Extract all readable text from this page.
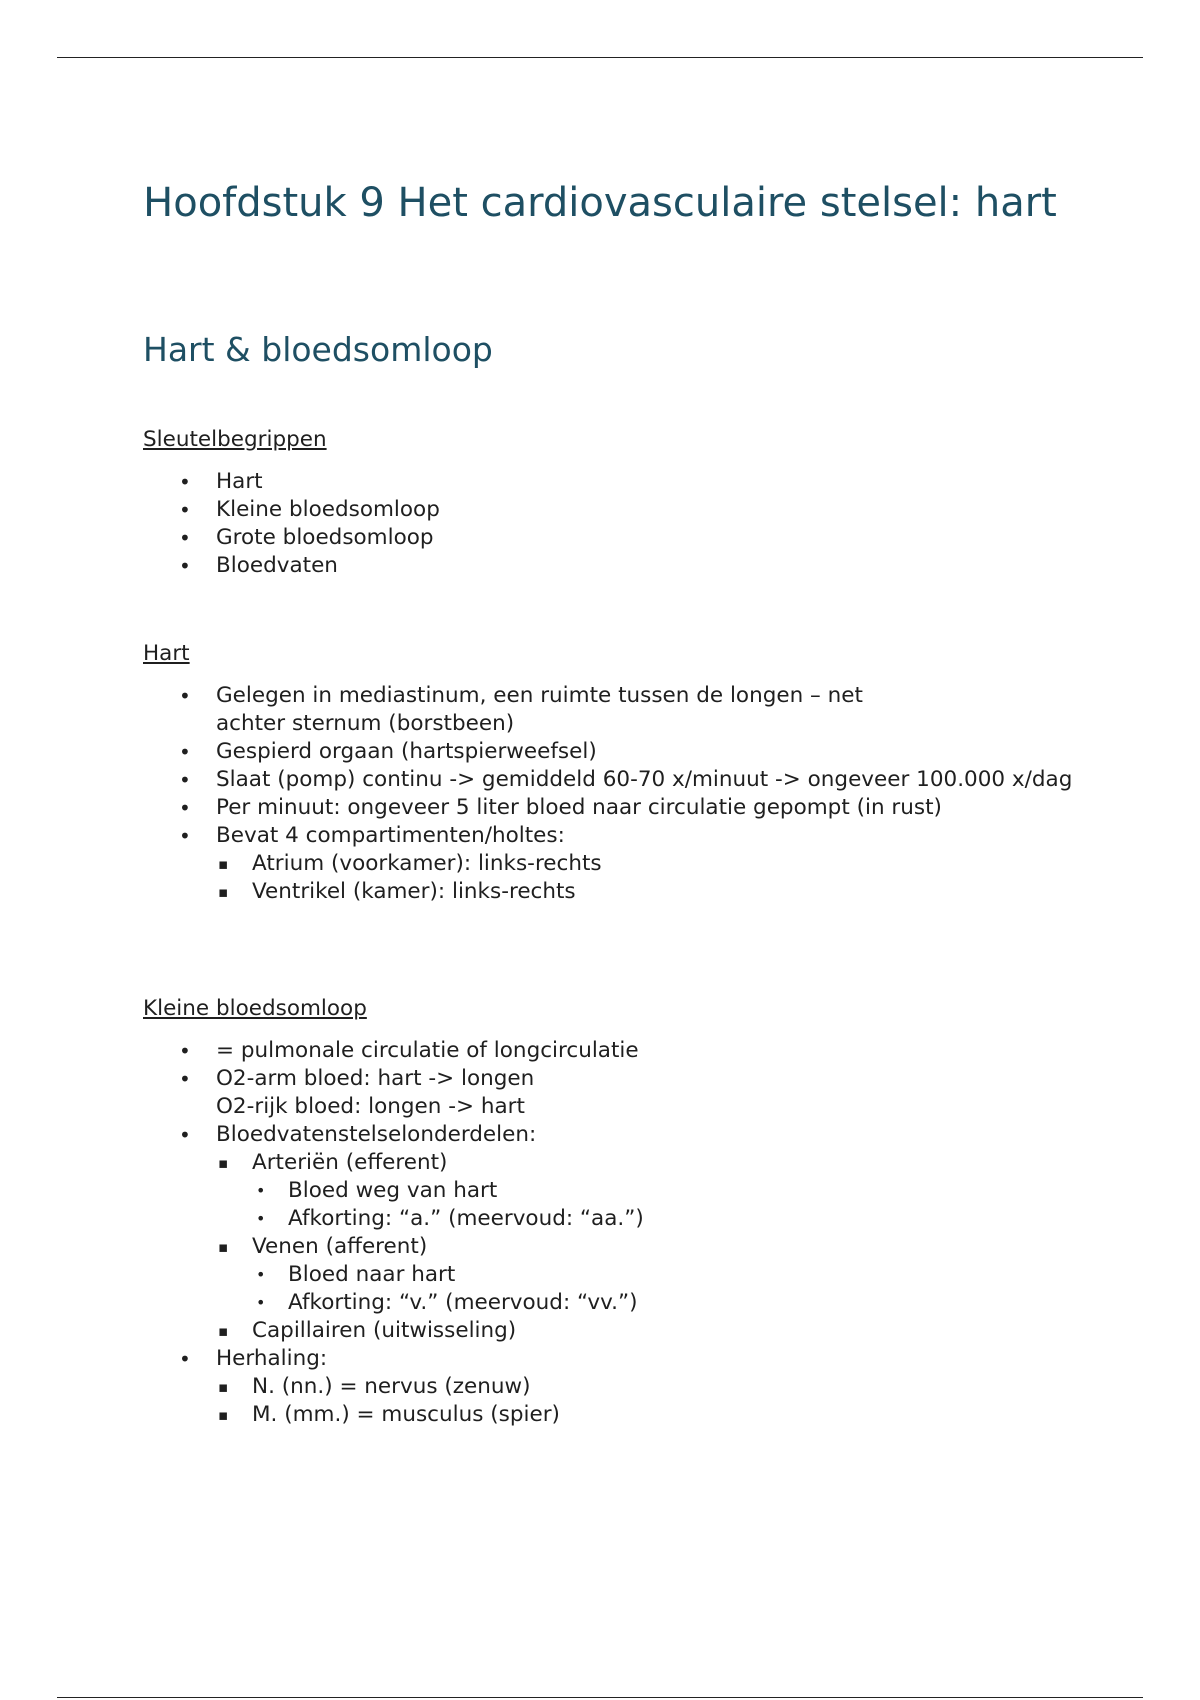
Hoofdstuk 9 Het cardiovasculaire stelsel: hart
Hart & bloedsomloop

Sleutelbegrippen

• Hart
• Kleine bloedsomloop
• Grote bloedsomloop
• Bloedvaten

Hart

• Gelegen in mediastinum, een ruimte tussen de longen – net achter sternum (borstbeen)
• Gespierd orgaan (hartspierweefsel)
• Slaat (pomp) continu -> gemiddeld 60-70 x/minuut -> ongeveer 100.000 x/dag
• Per minuut: ongeveer 5 liter bloed naar circulatie gepompt (in rust)
• Bevat 4 compartimenten/holtes:
▪ Atrium (voorkamer): links-rechts
▪ Ventrikel (kamer): links-rechts

Kleine bloedsomloop

• = pulmonale circulatie of longcirculatie
• O2-arm bloed: hart -> longen
O2-rijk bloed: longen -> hart
• Bloedvatenstelselonderdelen:
▪ Arteriën (efferent)
• Bloed weg van hart
• Afkorting: “a.” (meervoud: “aa.”)
▪ Venen (afferent)
• Bloed naar hart
• Afkorting: “v.” (meervoud: “vv.”)
▪ Capillairen (uitwisseling)
• Herhaling:
▪ N. (nn.) = nervus (zenuw)
▪ M. (mm.) = musculus (spier)
